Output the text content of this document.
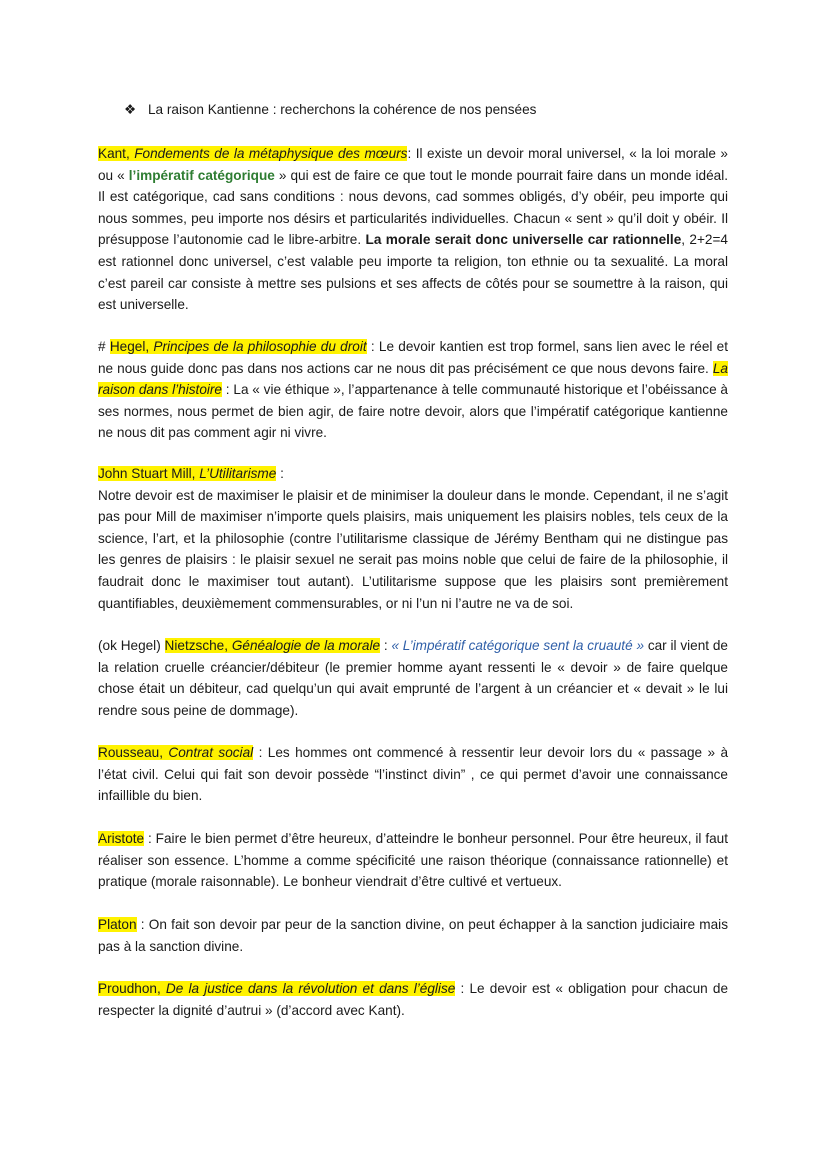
❖ La raison Kantienne : recherchons la cohérence de nos pensées

Kant, Fondements de la métaphysique des mœurs: Il existe un devoir moral universel, « la loi morale » ou « l’impératif catégorique » qui est de faire ce que tout le monde pourrait faire dans un monde idéal. Il est catégorique, cad sans conditions : nous devons, cad sommes obligés, d’y obéir, peu importe qui nous sommes, peu importe nos désirs et particularités individuelles. Chacun « sent » qu’il doit y obéir. Il présuppose l’autonomie cad le libre-arbitre. La morale serait donc universelle car rationnelle, 2+2=4 est rationnel donc universel, c’est valable peu importe ta religion, ton ethnie ou ta sexualité. La moral c’est pareil car consiste à mettre ses pulsions et ses affects de côtés pour se soumettre à la raison, qui est universelle.

# Hegel, Principes de la philosophie du droit : Le devoir kantien est trop formel, sans lien avec le réel et ne nous guide donc pas dans nos actions car ne nous dit pas précisément ce que nous devons faire. La raison dans l’histoire : La « vie éthique », l’appartenance à telle communauté historique et l’obéissance à ses normes, nous permet de bien agir, de faire notre devoir, alors que l’impératif catégorique kantienne ne nous dit pas comment agir ni vivre.

John Stuart Mill, L’Utilitarisme :
Notre devoir est de maximiser le plaisir et de minimiser la douleur dans le monde. Cependant, il ne s’agit pas pour Mill de maximiser n’importe quels plaisirs, mais uniquement les plaisirs nobles, tels ceux de la science, l’art, et la philosophie (contre l’utilitarisme classique de Jérémy Bentham qui ne distingue pas les genres de plaisirs : le plaisir sexuel ne serait pas moins noble que celui de faire de la philosophie, il faudrait donc le maximiser tout autant). L’utilitarisme suppose que les plaisirs sont premièrement quantifiables, deuxièmement commensurables, or ni l’un ni l’autre ne va de soi.

(ok Hegel) Nietzsche, Généalogie de la morale : « L’impératif catégorique sent la cruauté » car il vient de la relation cruelle créancier/débiteur (le premier homme ayant ressenti le « devoir » de faire quelque chose était un débiteur, cad quelqu’un qui avait emprunté de l’argent à un créancier et « devait » le lui rendre sous peine de dommage).

Rousseau, Contrat social : Les hommes ont commencé à ressentir leur devoir lors du « passage » à l’état civil. Celui qui fait son devoir possède “l’instinct divin” , ce qui permet d’avoir une connaissance infaillible du bien.

Aristote : Faire le bien permet d’être heureux, d’atteindre le bonheur personnel. Pour être heureux, il faut réaliser son essence. L’homme a comme spécificité une raison théorique (connaissance rationnelle) et pratique (morale raisonnable). Le bonheur viendrait d’être cultivé et vertueux.

Platon : On fait son devoir par peur de la sanction divine, on peut échapper à la sanction judiciaire mais pas à la sanction divine.

Proudhon, De la justice dans la révolution et dans l’église : Le devoir est « obligation pour chacun de respecter la dignité d’autrui » (d’accord avec Kant).
